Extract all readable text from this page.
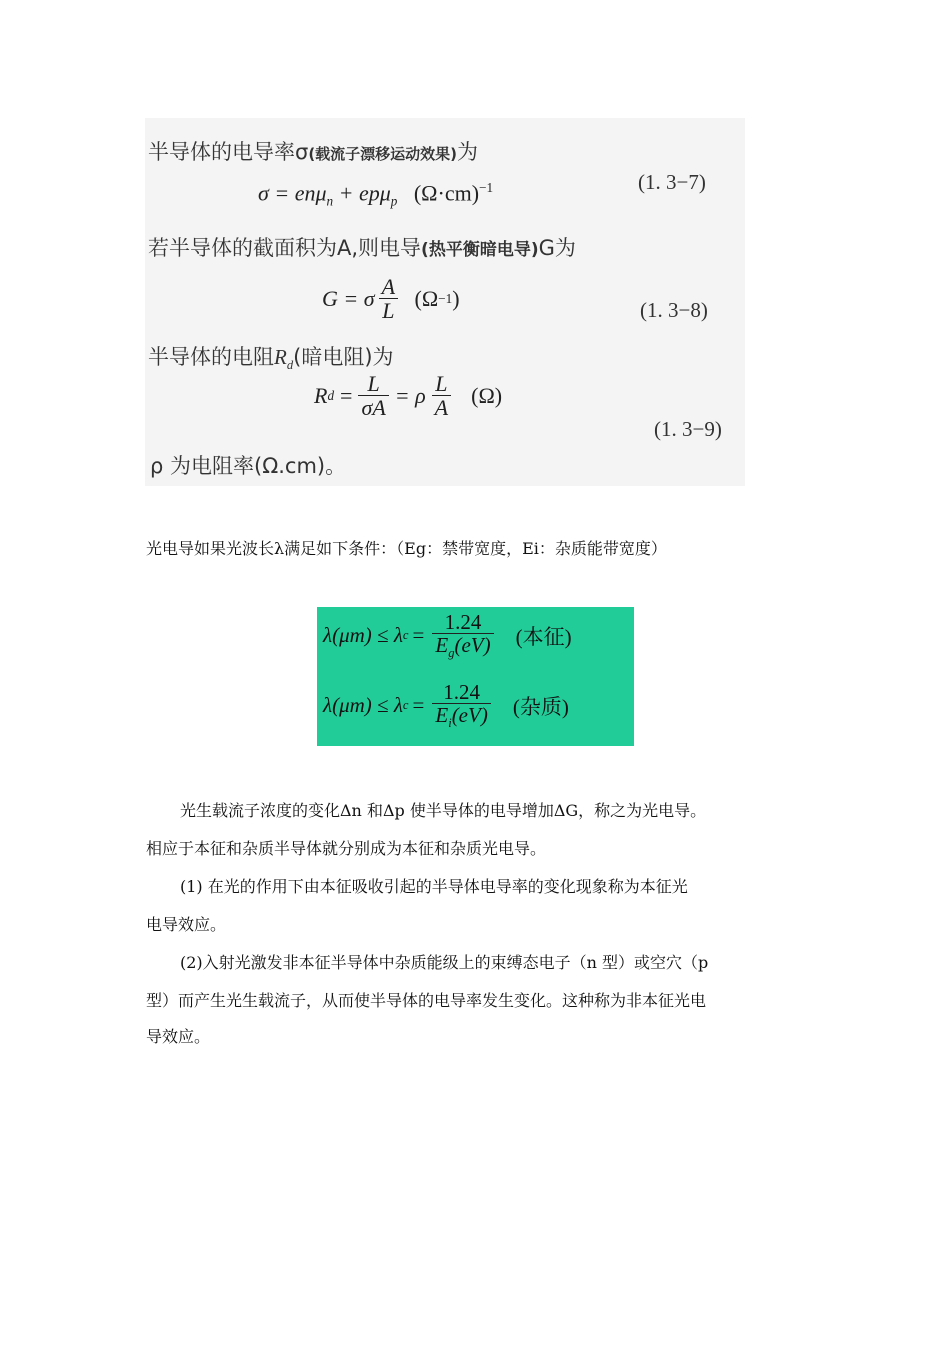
半导体的电导率σ(载流子漂移运动效果)为
σ = enμ$_n$ + epμ$_p$ $(\Omega\cdot cm)^{-1}$	(1. 3−7)
若半导体的截面积为A,则电导(热平衡暗电导)G为
G = σ $\frac{A}{L}$
(Ω −1 )	(1. 3−8)
半导体的电阻$R_d$(暗电阻)为
R $d = \frac{L}{\sigma A} = \rho \frac{L}{A} (\Omega)$
(1. 3−9)
ρ 为电阻率(Ω.cm)。
光电导如果光波长λ满足如下条件：（Eg：禁带宽度，Ei：杂质能带宽度）
λ(μm) ≤ λ $c = \frac{1.24}{E_g(eV)}$ (本征)
λ(μm) ≤ λ $c = \frac{1.24}{E_i(eV)}$ (杂质)
光生载流子浓度的变化Δn 和Δp 使半导体的电导增加ΔG，称之为光电导。
相应于本征和杂质半导体就分别成为本征和杂质光电导。
(1) 在光的作用下由本征吸收引起的半导体电导率的变化现象称为本征光
电导效应。
(2)入射光激发非本征半导体中杂质能级上的束缚态电子（n 型）或空穴（p
型）而产生光生载流子，从而使半导体的电导率发生变化。这种称为非本征光电
导效应。
